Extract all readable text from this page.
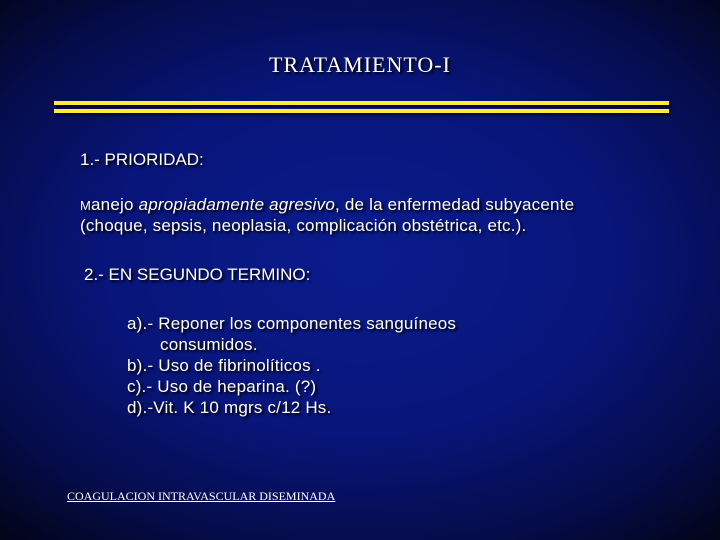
TRATAMIENTO-I
1.- PRIORIDAD:
Manejo apropiadamente agresivo, de la enfermedad subyacente
(choque, sepsis, neoplasia, complicación obstétrica, etc.).
2.- EN SEGUNDO TERMINO:
a).- Reponer los componentes sanguíneos
consumidos.
b).- Uso de fibrinolíticos .
c).- Uso de heparina. (?)
d).-Vit. K 10 mgrs c/12 Hs.
COAGULACION INTRAVASCULAR DISEMINADA
